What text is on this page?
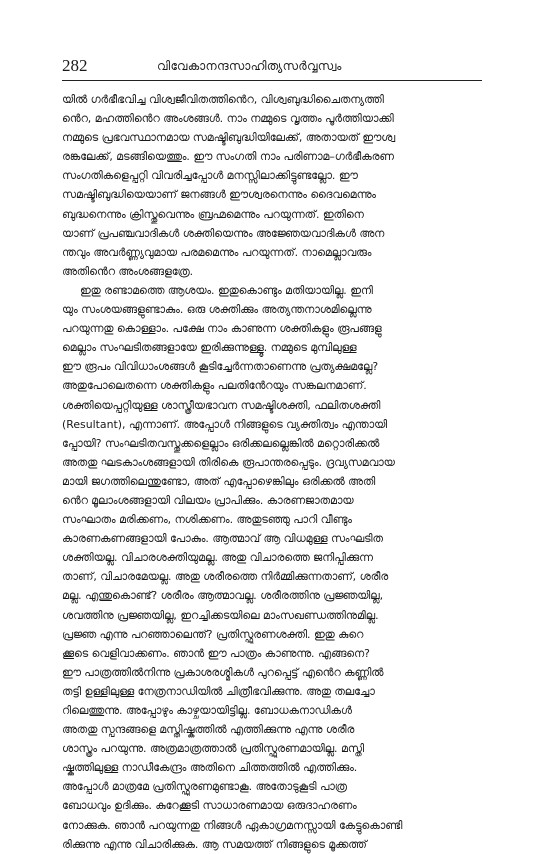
282	വിവേകാനന്ദസാഹിത്യസർവ്വസ്വം
യിൽ ഗർഭീഭവിച്ച വിശ്വജീവിതത്തിൻെറ, വിശ്വബുദ്ധിചൈതന്യത്തി
ൻെറ, മഹത്തിൻെറ അംശങ്ങൾ. നാം നമ്മുടെ വൃത്തം പൂർത്തിയാക്കി
നമ്മുടെ പ്രഭവസ്ഥാനമായ സമഷ്ടിബുദ്ധിയിലേക്ക്, അതായത് ഈശ്വ
രങ്കലേക്ക്, മടങ്ങിയെത്തും. ഈ സംഗതി നാം പരിണാമ–ഗർഭീകരണ
സംഗതികളെപ്പറ്റി വിവരിച്ചപ്പോൾ മനസ്സിലാക്കിട്ടുണ്ടല്ലോ. ഈ
സമഷ്ടിബുദ്ധിയെയാണ് ജനങ്ങൾ ഈശ്വരനെന്നും ദൈവമെന്നും
ബുദ്ധനെന്നും ക്രിസ്തുവെന്നും ബ്രഹ്മമെന്നും പറയുന്നത്. ഇതിനെ
യാണ് പ്രപഞ്ചവാദികൾ ശക്തിയെന്നും അജ്ഞേയവാദികൾ അന
ന്തവും അവർണ്ണ്യവുമായ പരമമെന്നും പറയുന്നത്. നാമെല്ലാവരും
അതിൻെറ അംശങ്ങളത്രേ.
ഇതു രണ്ടാമത്തെ ആശയം. ഇതുകൊണ്ടും മതിയായില്ല. ഇനി
യും സംശയങ്ങളുണ്ടാകും. ഒരു ശക്തിക്കും അത്യന്തനാശമില്ലെന്നു
പറയുന്നതു കൊള്ളാം. പക്ഷേ നാം കാണുന്ന ശക്തികളും രൂപങ്ങളു
മെല്ലാം സംഘടിതങ്ങളായേ ഇരിക്കുന്നുള്ളൂ. നമ്മുടെ മുമ്പിലുള്ള
ഈ രൂപം വിവിധാംശങ്ങൾ കൂടിച്ചേർന്നതാണെന്നു പ്രത്യക്ഷമല്ലേ?
അതുപോലെതന്നെ ശക്തികളും പലതിൻേറയും സങ്കലനമാണ്.
ശക്തിയെപ്പറ്റിയുള്ള ശാസ്ത്രീയഭാവന സമഷ്ടിശക്തി, ഫലിതശക്തി
(Resultant), എന്നാണ്. അപ്പോൾ നിങ്ങളുടെ വ്യക്തിത്വം എന്തായി
പ്പോയി? സംഘടിതവസ്തുക്കളെല്ലാം ഒരിക്കലല്ലെങ്കിൽ മറ്റൊരിക്കൽ
അതതു ഘടകാംശങ്ങളായി തിരികെ രൂപാന്തരപ്പെടും. ദ്രവ്യസമവായ
മായി ജഗത്തിലെന്തുണ്ടോ, അത് എപ്പോഴെങ്കിലും ഒരിക്കൽ അതി
ൻെറ മൂലാംശങ്ങളായി വിലയം പ്രാപിക്കും. കാരണജാതമായ
സംഘാതം മരിക്കണം, നശിക്കണം. അതുടഞ്ഞു പാറി വീണ്ടും
കാരണകണങ്ങളായി പോകും. ആത്മാവ് ആ വിധമുള്ള സംഘടിത
ശക്തിയല്ല. വിചാരശക്തിയുമല്ല. അതു വിചാരത്തെ ജനിപ്പിക്കുന്ന
താണ്, വിചാരമേയല്ല. അതു ശരീരത്തെ നിർമ്മിക്കുന്നതാണ്, ശരീര
മല്ല. എന്തുകൊണ്ട്? ശരീരം ആത്മാവല്ല. ശരീരത്തിനു പ്രജ്ഞയില്ല,
ശവത്തിനു പ്രജ്ഞയില്ല, ഇറച്ചിക്കടയിലെ മാംസഖണ്ഡത്തിനുമില്ല.
പ്രജ്ഞ എന്നു പറഞ്ഞാലെന്ത്? പ്രതിസ്ഫുരണശക്തി. ഇതു കുറെ
ക്കൂടെ വെളിവാക്കണം. ഞാൻ ഈ പാത്രം കാണുന്നു. എങ്ങനെ?
ഈ പാത്രത്തിൽനിന്നു പ്രകാശരശ്മികൾ പുറപ്പെട്ട് എൻെറ കണ്ണിൽ
തട്ടി ഉള്ളിലുള്ള നേത്രനാഡിയിൽ ചിത്രീഭവിക്കുന്നു. അതു തലച്ചോ
റിലെത്തുന്നു. അപ്പോഴും കാഴ്ചയായിട്ടില്ല. ബോധകനാഡികൾ
അതതു സ്പന്ദങ്ങളെ മസ്തിഷ്കത്തിൽ എത്തിക്കുന്നു എന്നു ശരീര
ശാസ്ത്രം പറയുന്നു. അത്രമാത്രത്താൽ പ്രതിസ്ഫുരണമായില്ല. മസ്തി
ഷ്കത്തിലുള്ള നാഡീകേന്ദ്രം അതിനെ ചിത്തത്തിൽ എത്തിക്കും.
അപ്പോൾ മാത്രമേ പ്രതിസ്ഫുരണമുണ്ടാകൂ. അതോടുകൂടി പാത്ര
ബോധവും ഉദിക്കും. കുറേക്കൂടി സാധാരണമായ ഒരുദാഹരണം
നോക്കുക. ഞാൻ പറയുന്നതു നിങ്ങൾ ഏകാഗ്രമനസ്സായി കേട്ടുകൊണ്ടി
രിക്കുന്നു എന്നു വിചാരിക്കുക. ആ സമയത്ത് നിങ്ങളുടെ മൂക്കത്ത്
